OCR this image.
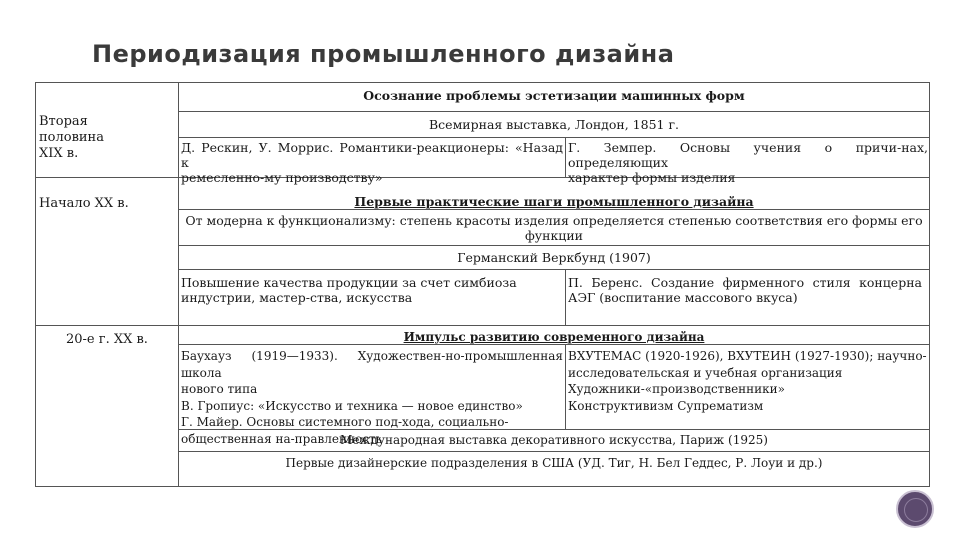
Периодизация промышленного дизайна
Осознание проблемы эстетизации машинных форм
Вторая
половина
XIX в.
Начало XX в.
20-е г. XX в.
Всемирная выставка, Лондон, 1851 г.
Д. Рескин, У. Моррис. Романтики-реакционеры: «Назад к
ремесленно-му производству»
Г. Земпер. Основы учения о причи-нах, определяющих
характер формы изделия
Первые практические шаги промышленного дизайна
От модерна к функционализму: степень красоты изделия определяется степенью соответствия его формы его
функции
Германский Веркбунд (1907)
Повышение качества продукции за счет симбиоза
индустрии, мастер-ства, искусства
П. Беренс. Создание фирменного стиля концерна
АЭГ (воспитание массового вкуса)
Импульс развитию современного дизайна
Баухауз (1919—1933). Художествен-но-промышленная школа
нового типа
В. Гропиус: «Искусство и техника — новое единство»
Г. Майер. Основы системного под-хода, социально-
общественная на-правленность
ВХУТЕМАС (1920-1926), ВХУТЕИН (1927-1930); научно-
исследовательская и учебная организация
Художники-«производственники»
Конструктивизм Супрематизм
Международная выставка декоративного искусства, Париж (1925)
Первые дизайнерские подразделения в США (УД. Тиг, Н. Бел Геддес, Р. Лоуи и др.)
